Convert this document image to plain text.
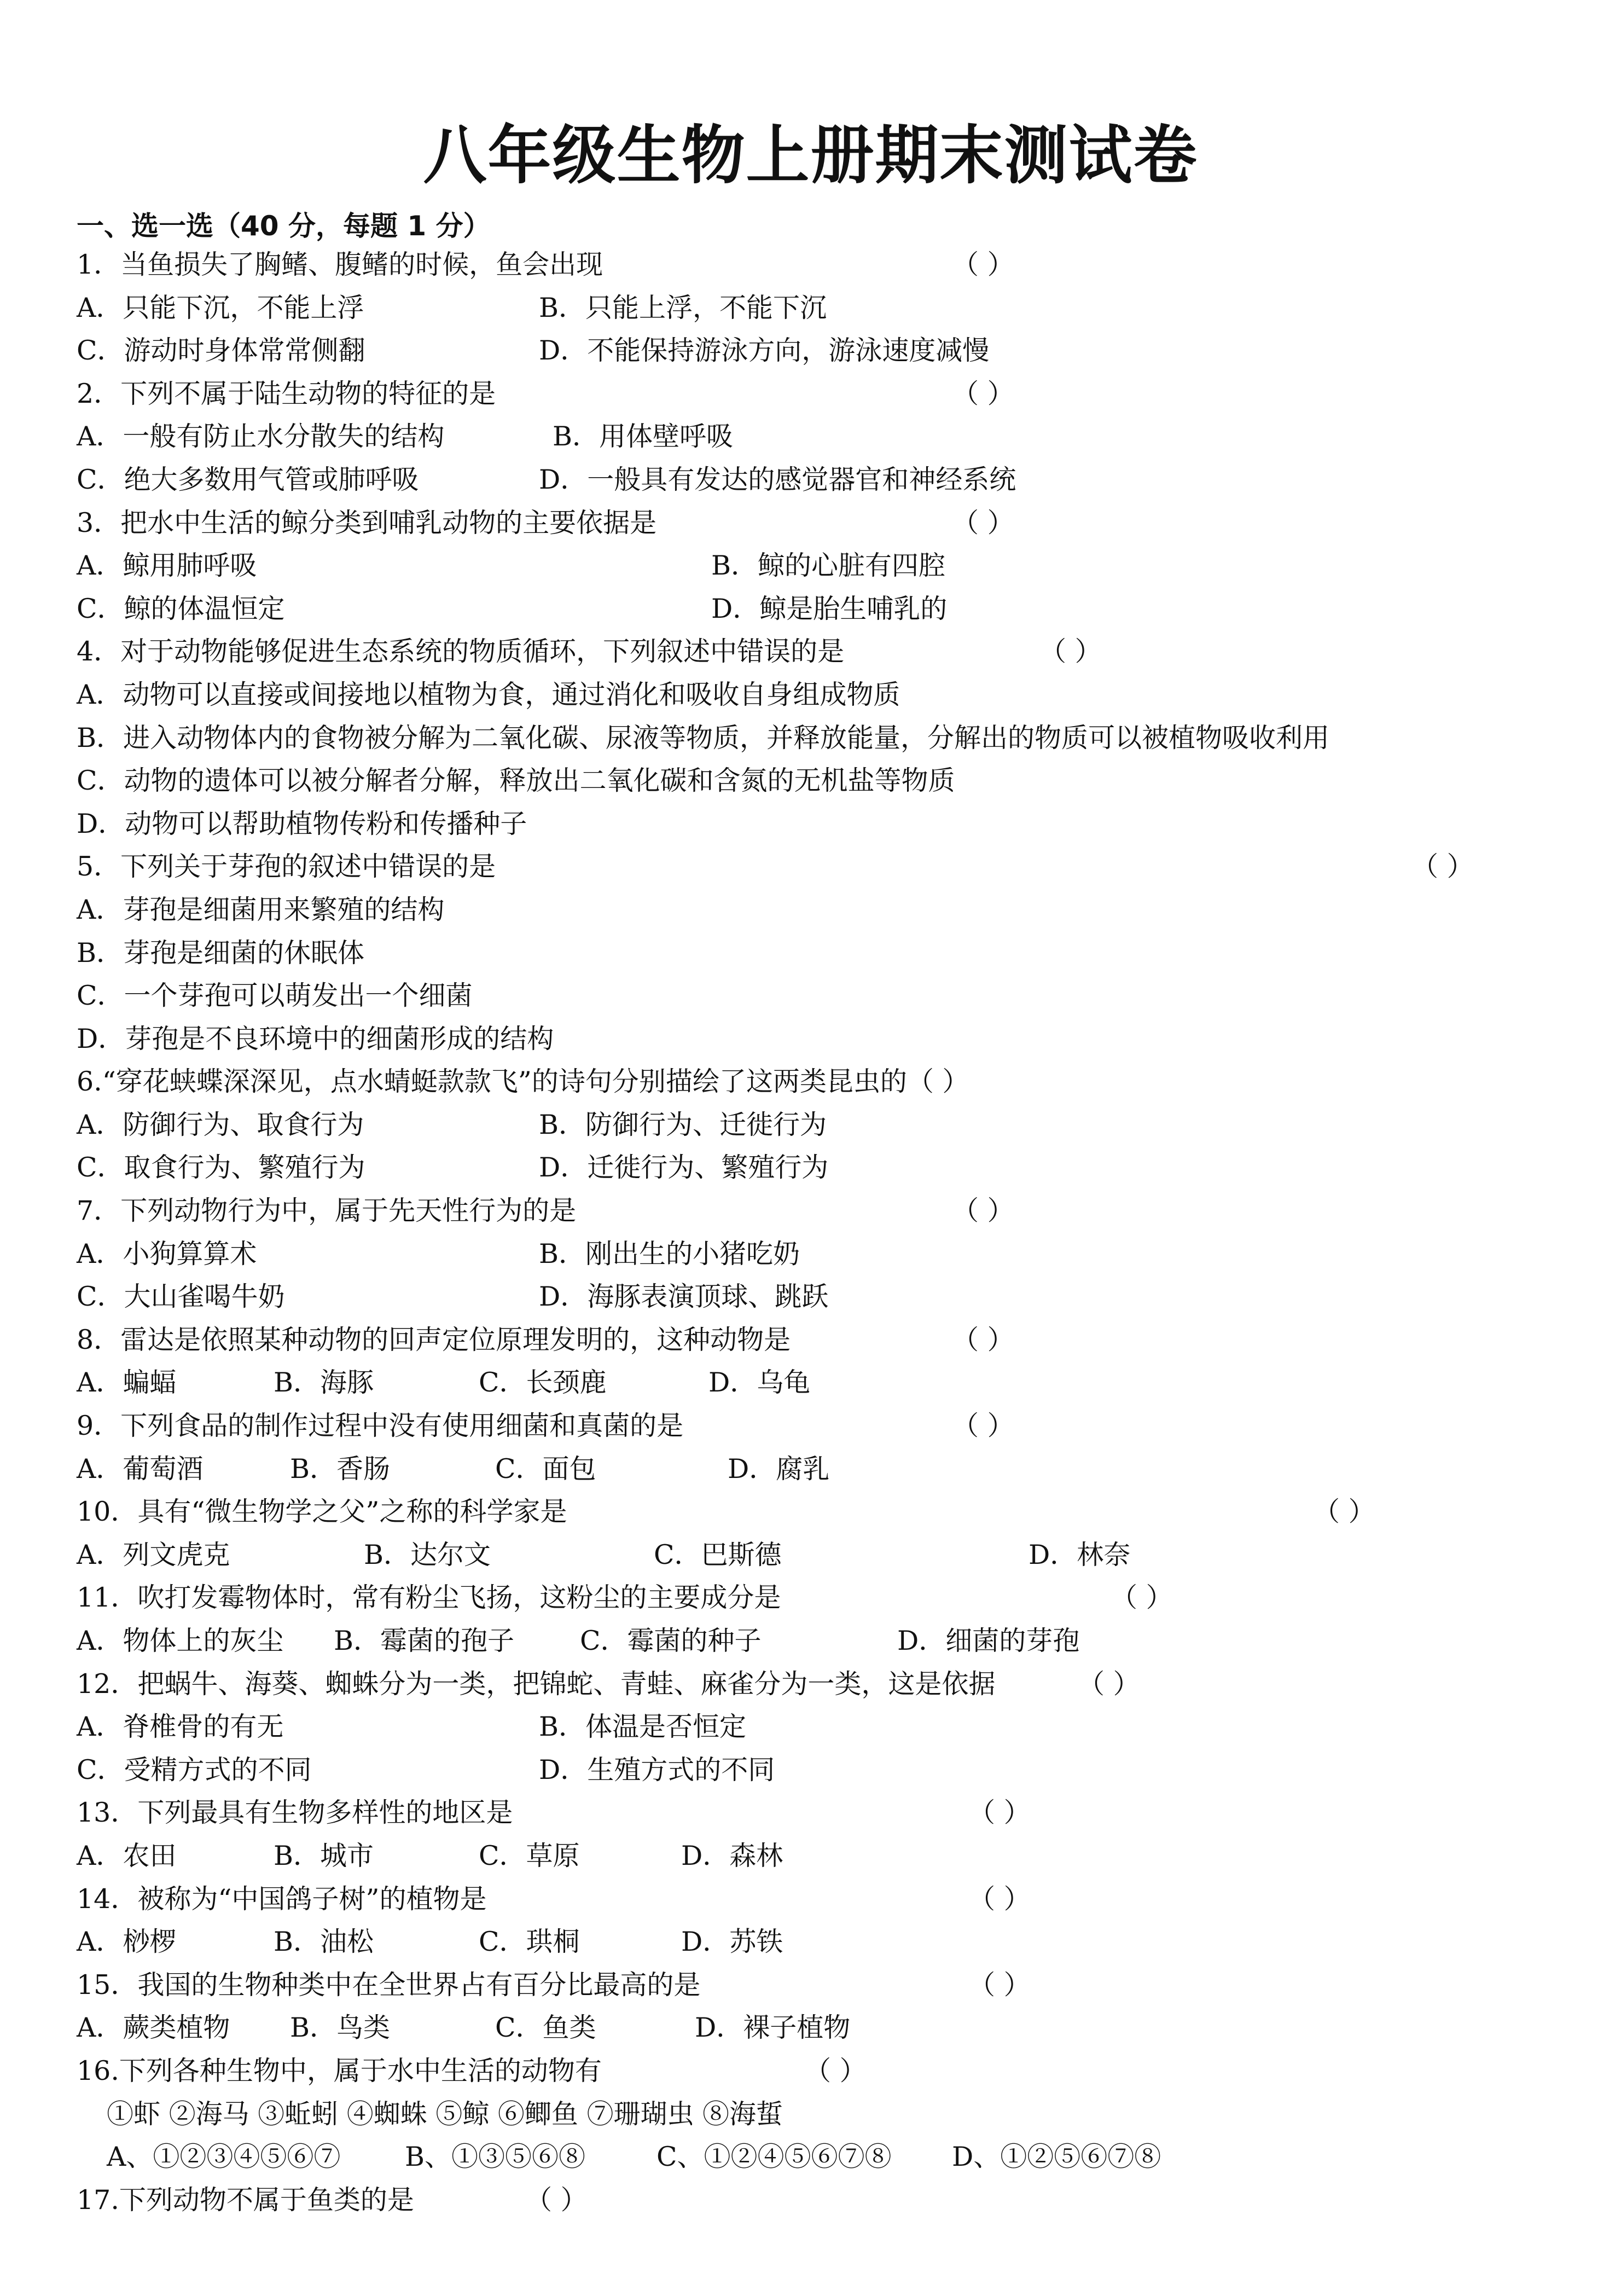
八年级生物上册期末测试卷
一、选一选（40 分，每题 1 分）
1．当鱼损失了胸鳍、腹鳍的时候，鱼会出现	（ ）
A．只能下沉，不能上浮	B．只能上浮，不能下沉
C．游动时身体常常侧翻	D．不能保持游泳方向，游泳速度减慢
2．下列不属于陆生动物的特征的是	（ ）
A．一般有防止水分散失的结构	B．用体壁呼吸
C．绝大多数用气管或肺呼吸	D．一般具有发达的感觉器官和神经系统
3．把水中生活的鲸分类到哺乳动物的主要依据是	（ ）
A．鲸用肺呼吸	B．鲸的心脏有四腔
C．鲸的体温恒定	D．鲸是胎生哺乳的
4．对于动物能够促进生态系统的物质循环，下列叙述中错误的是	（ ）
A．动物可以直接或间接地以植物为食，通过消化和吸收自身组成物质
B．进入动物体内的食物被分解为二氧化碳、尿液等物质，并释放能量，分解出的物质可以被植物吸收利用
C．动物的遗体可以被分解者分解，释放出二氧化碳和含氮的无机盐等物质
D．动物可以帮助植物传粉和传播种子
5．下列关于芽孢的叙述中错误的是	（ ）
A．芽孢是细菌用来繁殖的结构
B．芽孢是细菌的休眠体
C．一个芽孢可以萌发出一个细菌
D．芽孢是不良环境中的细菌形成的结构
6.“穿花蛱蝶深深见，点水蜻蜓款款飞”的诗句分别描绘了这两类昆虫的（ ）
A．防御行为、取食行为	B．防御行为、迁徙行为
C．取食行为、繁殖行为	D．迁徙行为、繁殖行为
7．下列动物行为中，属于先天性行为的是	（ ）
A．小狗算算术	B．刚出生的小猪吃奶
C．大山雀喝牛奶	D．海豚表演顶球、跳跃
8．雷达是依照某种动物的回声定位原理发明的，这种动物是	（ ）
A．蝙蝠	B．海豚	C．长颈鹿	D．乌龟
9．下列食品的制作过程中没有使用细菌和真菌的是	（ ）
A．葡萄酒	B．香肠	C．面包	D．腐乳
10．具有“微生物学之父”之称的科学家是	（ ）
A．列文虎克	B．达尔文	C．巴斯德	D．林奈
11．吹打发霉物体时，常有粉尘飞扬，这粉尘的主要成分是	（ ）
A．物体上的灰尘 B．霉菌的孢子 C．霉菌的种子	D．细菌的芽孢
12．把蜗牛、海葵、蜘蛛分为一类，把锦蛇、青蛙、麻雀分为一类，这是依据	（ ）
A．脊椎骨的有无	B．体温是否恒定
C．受精方式的不同	D．生殖方式的不同
13．下列最具有生物多样性的地区是	（ ）
A．农田	B．城市	C．草原	D．森林
14．被称为“中国鸽子树”的植物是	（ ）
A．桫椤	B．油松	C．珙桐	D．苏铁
15．我国的生物种类中在全世界占有百分比最高的是	（ ）
A．蕨类植物 B．鸟类	C．鱼类	D．裸子植物
16.下列各种生物中，属于水中生活的动物有	（ ）
①虾 ②海马 ③蚯蚓 ④蜘蛛 ⑤鲸 ⑥鲫鱼 ⑦珊瑚虫 ⑧海蜇
A、①②③④⑤⑥⑦ B、①③⑤⑥⑧	C、①②④⑤⑥⑦⑧ D、①②⑤⑥⑦⑧
17.下列动物不属于鱼类的是	（ ）
